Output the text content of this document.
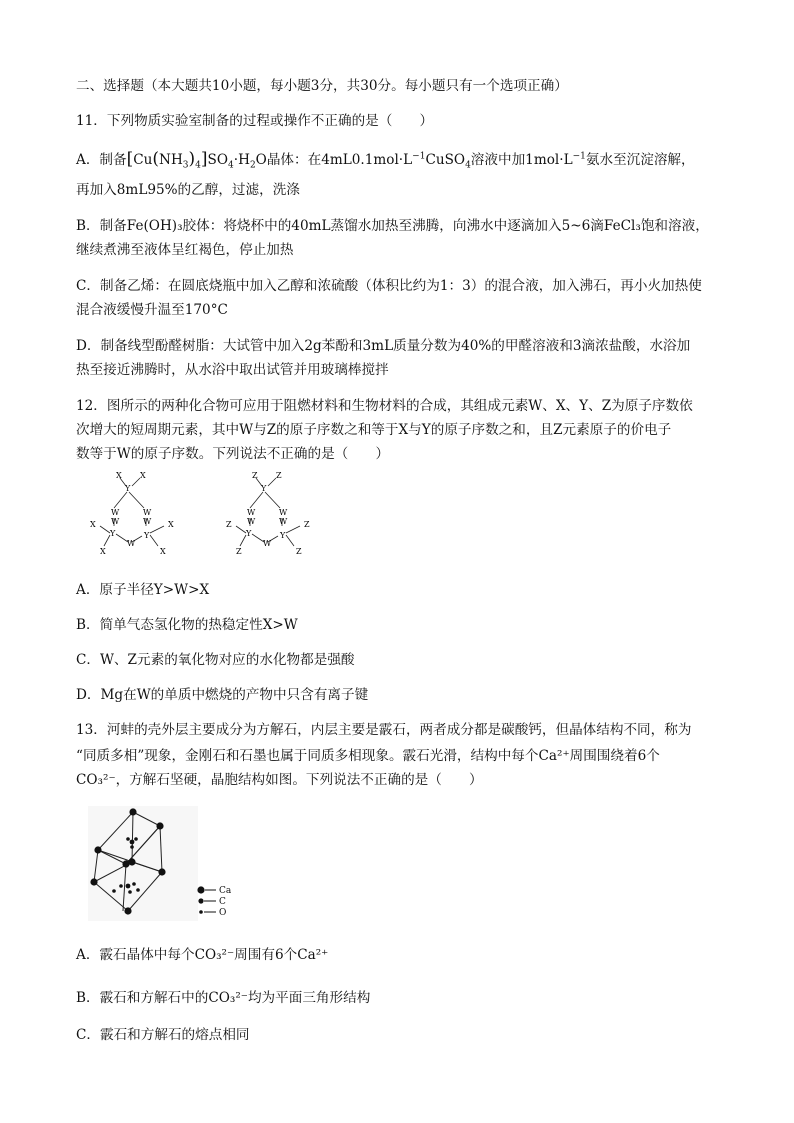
二、选择题（本大题共10小题，每小题3分，共30分。每小题只有一个选项正确）
11．下列物质实验室制备的过程或操作不正确的是（　　）
A．制备$[Cu(NH_3)_4]SO_4\cdot H_2O$晶体：在$4mL0.1mol\cdot L^{-1}CuSO_4$溶液中加$1mol\cdot L^{-1}$氨水至沉淀溶解，
再加入8mL95%的乙醇，过滤，洗涤
B．制备Fe(OH)₃胶体：将烧杯中的40mL蒸馏水加热至沸腾，向沸水中逐滴加入5~6滴FeCl₃饱和溶液，
继续煮沸至液体呈红褐色，停止加热
C．制备乙烯：在圆底烧瓶中加入乙醇和浓硫酸（体积比约为1：3）的混合液，加入沸石，再小火加热使
混合液缓慢升温至170°C
D．制备线型酚醛树脂：大试管中加入2g苯酚和3mL质量分数为40%的甲醛溶液和3滴浓盐酸，水浴加
热至接近沸腾时，从水浴中取出试管并用玻璃棒搅拌
12．图所示的两种化合物可应用于阻燃材料和生物材料的合成，其组成元素W、X、Y、Z为原子序数依
次增大的短周期元素，其中W与Z的原子序数之和等于X与Y的原子序数之和，且Z元素原子的价电子
数等于W的原子序数。下列说法不正确的是（　　）
X X
Y
W	W
W	W
Y
W
Y
X
X
X
X
Z Z
Y
W	W
W	W
Y
W
Y
Z
Z
Z
Z
A．原子半径Y>W>X
B．简单气态氢化物的热稳定性X>W
C．W、Z元素的氧化物对应的水化物都是强酸
D．Mg在W的单质中燃烧的产物中只含有离子键
13．河蚌的壳外层主要成分为方解石，内层主要是霰石，两者成分都是碳酸钙，但晶体结构不同，称为
“同质多相”现象，金刚石和石墨也属于同质多相现象。霰石光滑，结构中每个Ca²⁺周围围绕着6个
CO₃²⁻，方解石坚硬，晶胞结构如图。下列说法不正确的是（　　）
Ca
C
O
A．霰石晶体中每个CO₃²⁻周围有6个Ca²⁺
B．霰石和方解石中的CO₃²⁻均为平面三角形结构
C．霰石和方解石的熔点相同
